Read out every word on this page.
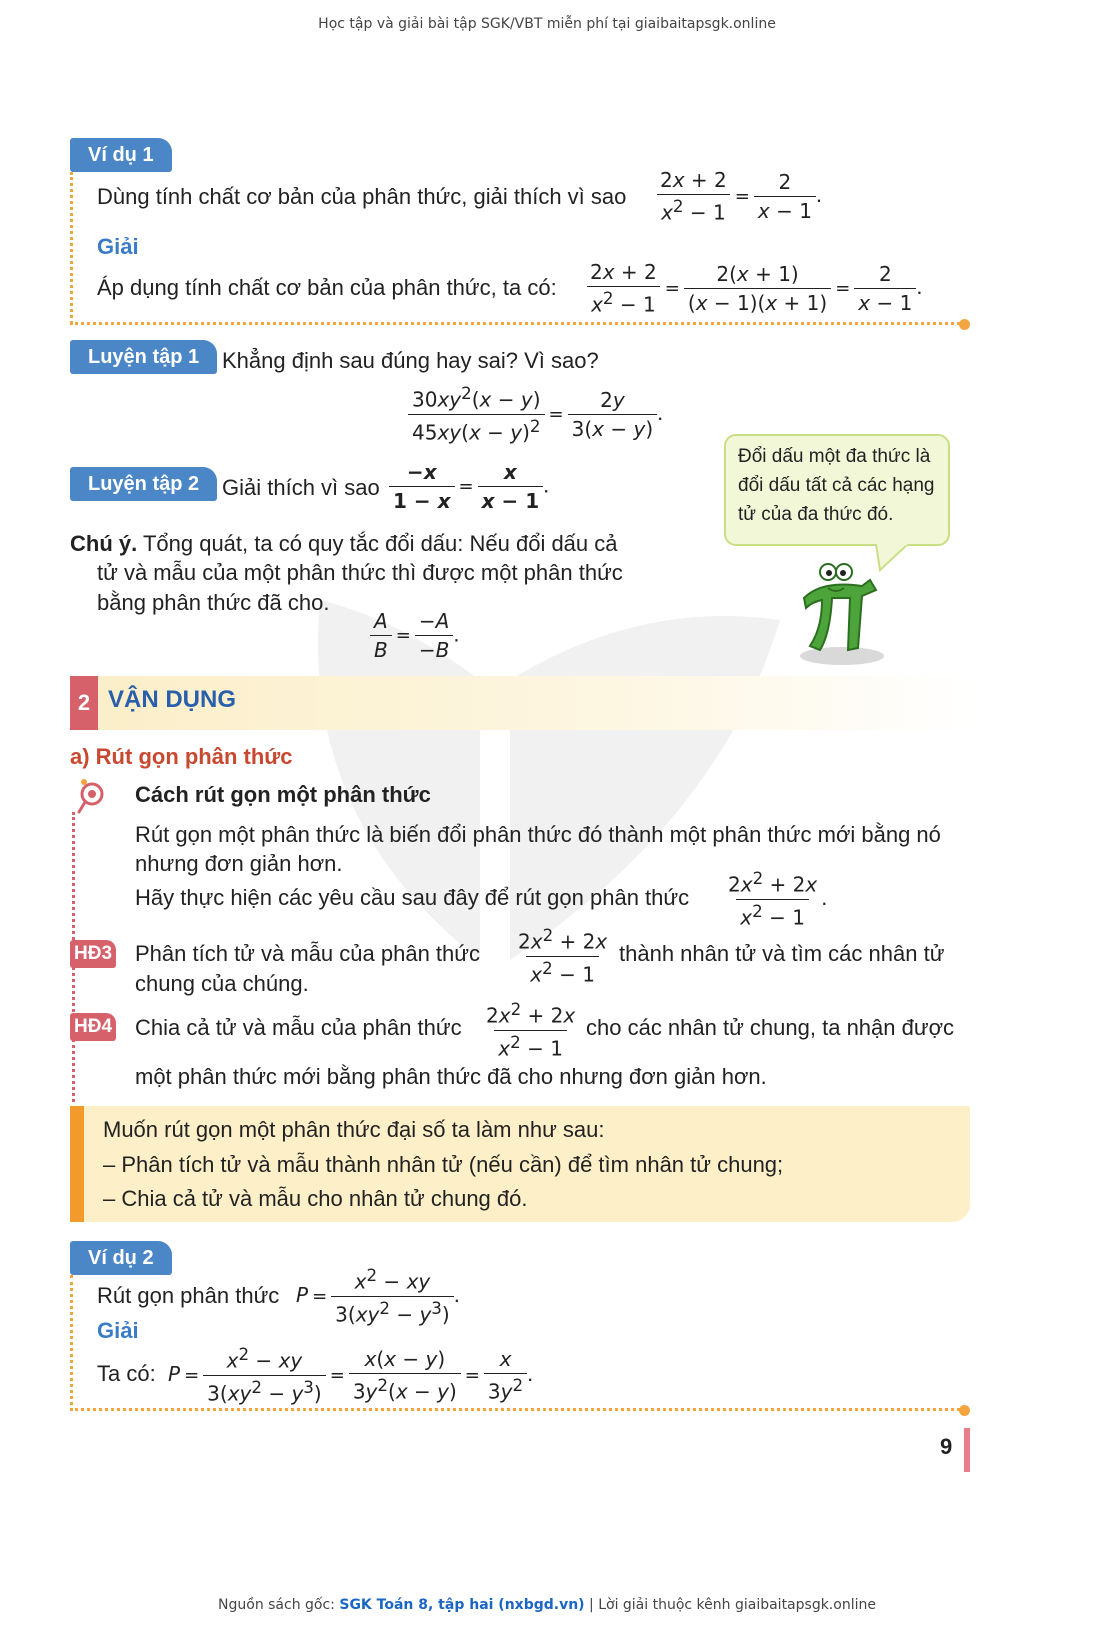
Học tập và giải bài tập SGK/VBT miễn phí tại giaibaitapsgk.online
Ví dụ 1
Dùng tính chất cơ bản của phân thức, giải thích vì sao $\frac{2x + 2}{x^2 - 1} = \frac{2}{x - 1}$ .
Giải
Áp dụng tính chất cơ bản của phân thức, ta có: $\frac{2x + 2}{x^2 - 1} = \frac{2(x + 1)}{(x - 1)(x + 1)} = \frac{2}{x - 1}$ .
Luyện tập 1	Khẳng định sau đúng hay sai? Vì sao?
$\frac{30xy^2(x - y)}{45xy(x - y)^2} = \frac{2y}{3(x - y)}$ .
Luyện tập 2	Giải thích vì sao $\frac{-x}{1 - x} = \frac{x}{x - 1}$ .
Chú ý. Tổng quát, ta có quy tắc đổi dấu: Nếu đổi dấu cả
tử và mẫu của một phân thức thì được một phân thức
bằng phân thức đã cho.
$\frac{A}{B} = \frac{-A}{-B}$ .
Đổi dấu một đa thức là
đổi dấu tất cả các hạng
tử của đa thức đó.
2 VẬN DỤNG
a) Rút gọn phân thức
Cách rút gọn một phân thức
Rút gọn một phân thức là biến đổi phân thức đó thành một phân thức mới bằng nó
nhưng đơn giản hơn.
Hãy thực hiện các yêu cầu sau đây để rút gọn phân thức $\frac{2x^2 + 2x}{x^2 - 1}$ .
HĐ3 Phân tích tử và mẫu của phân thức $\frac{2x^2 + 2x}{x^2 - 1}$ thành nhân tử và tìm các nhân tử
chung của chúng.
HĐ4 Chia cả tử và mẫu của phân thức $\frac{2x^2 + 2x}{x^2 - 1}$ cho các nhân tử chung, ta nhận được
một phân thức mới bằng phân thức đã cho nhưng đơn giản hơn.
Muốn rút gọn một phân thức đại số ta làm như sau:
– Phân tích tử và mẫu thành nhân tử (nếu cần) để tìm nhân tử chung;
– Chia cả tử và mẫu cho nhân tử chung đó.
Ví dụ 2
Rút gọn phân thức $P = \frac{x^2 - xy}{3(xy^2 - y^3)}$ .
Giải
Ta có: $P = \frac{x^2 - xy}{3(xy^2 - y^3)} = \frac{x(x - y)}{3y^2(x - y)} = \frac{x}{3y^2}$ .
9
Nguồn sách gốc: SGK Toán 8, tập hai (nxbgd.vn) | Lời giải thuộc kênh giaibaitapsgk.online
